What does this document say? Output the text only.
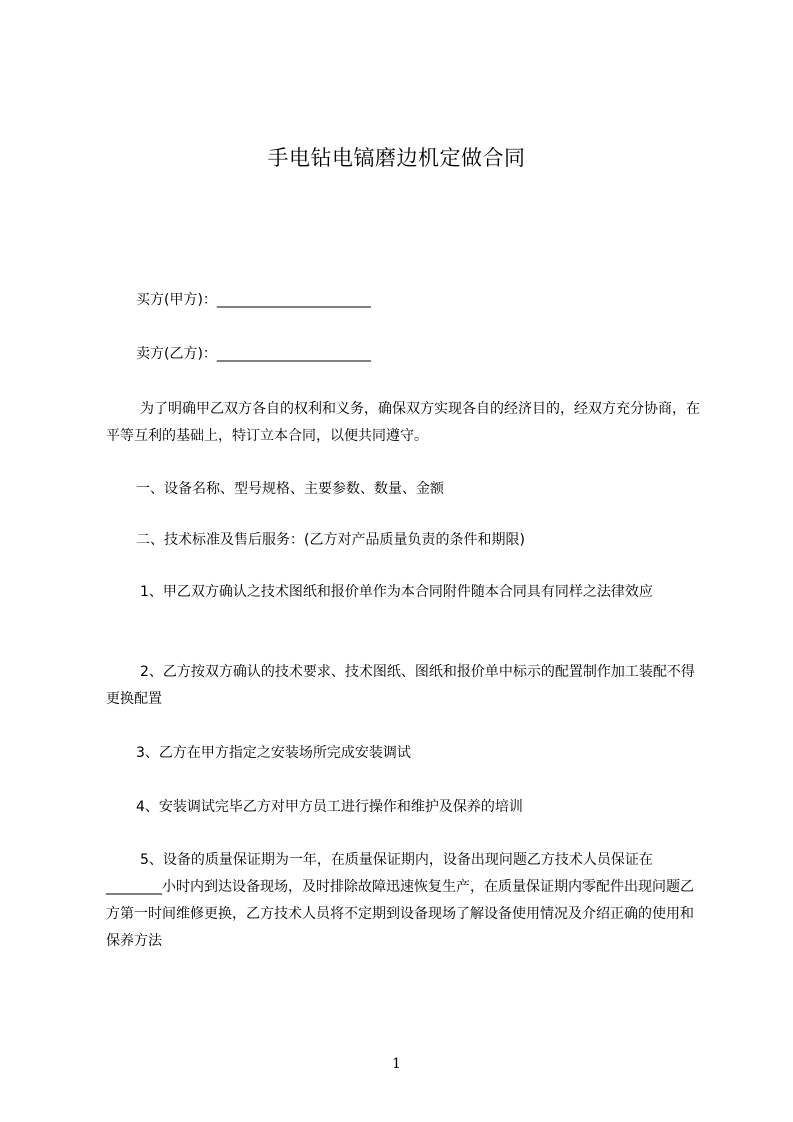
手电钻电镐磨边机定做合同
买方(甲方)：______________________
卖方(乙方)：______________________
为了明确甲乙双方各自的权利和义务，确保双方实现各自的经济目的，经双方充分协商，在平等互利的基础上，特订立本合同，以便共同遵守。
一、设备名称、型号规格、主要参数、数量、金额
二、技术标准及售后服务：(乙方对产品质量负责的条件和期限)
1、甲乙双方确认之技术图纸和报价单作为本合同附件随本合同具有同样之法律效应
2、乙方按双方确认的技术要求、技术图纸、图纸和报价单中标示的配置制作加工装配不得更换配置
3、乙方在甲方指定之安装场所完成安装调试
4、安装调试完毕乙方对甲方员工进行操作和维护及保养的培训
5、设备的质量保证期为一年，在质量保证期内，设备出现问题乙方技术人员保证在________小时内到达设备现场，及时排除故障迅速恢复生产，在质量保证期内零配件出现问题乙方第一时间维修更换，乙方技术人员将不定期到设备现场了解设备使用情况及介绍正确的使用和保养方法
1
